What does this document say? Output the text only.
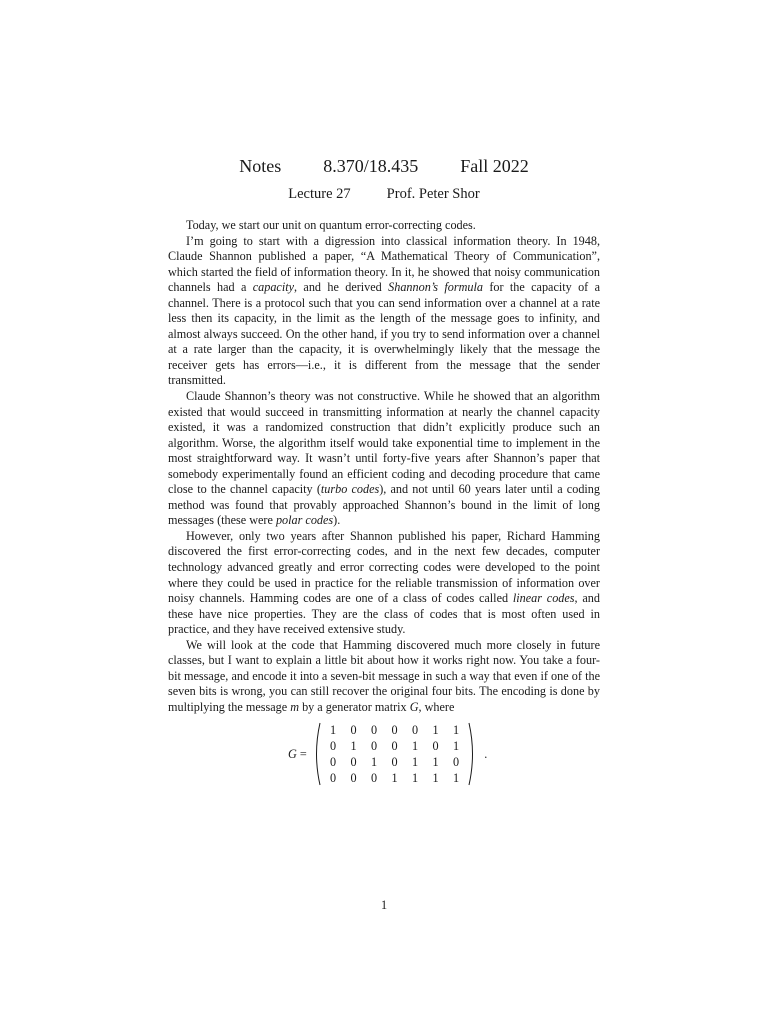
Notes 8.370/18.435 Fall 2022
Lecture 27 Prof. Peter Shor

Today, we start our unit on quantum error-correcting codes.

I’m going to start with a digression into classical information theory. In 1948, Claude Shannon published a paper, “A Mathematical Theory of Communication”, which started the field of information theory. In it, he showed that noisy communication channels had a capacity, and he derived Shannon’s formula for the capacity of a channel. There is a protocol such that you can send information over a channel at a rate less then its capacity, in the limit as the length of the message goes to infinity, and almost always succeed. On the other hand, if you try to send information over a channel at a rate larger than the capacity, it is overwhelmingly likely that the message the receiver gets has errors—i.e., it is different from the message that the sender transmitted.

Claude Shannon’s theory was not constructive. While he showed that an algorithm existed that would succeed in transmitting information at nearly the channel capacity existed, it was a randomized construction that didn’t explicitly produce such an algorithm. Worse, the algorithm itself would take exponential time to implement in the most straightforward way. It wasn’t until forty-five years after Shannon’s paper that somebody experimentally found an efficient coding and decoding procedure that came close to the channel capacity (turbo codes), and not until 60 years later until a coding method was found that provably approached Shannon’s bound in the limit of long messages (these were polar codes).

However, only two years after Shannon published his paper, Richard Hamming discovered the first error-correcting codes, and in the next few decades, computer technology advanced greatly and error correcting codes were developed to the point where they could be used in practice for the reliable transmission of information over noisy channels. Hamming codes are one of a class of codes called linear codes, and these have nice properties. They are the class of codes that is most often used in practice, and they have received extensive study.

We will look at the code that Hamming discovered much more closely in future classes, but I want to explain a little bit about how it works right now. You take a four-bit message, and encode it into a seven-bit message in such a way that even if one of the seven bits is wrong, you can still recover the original four bits. The encoding is done by multiplying the message m by a generator matrix G, where

G =
1	0	0	0	0	1	1
0	1	0	0	1	0	1
0	0	1	0	1	1	0
0	0	0	1	1	1	1
.
1
